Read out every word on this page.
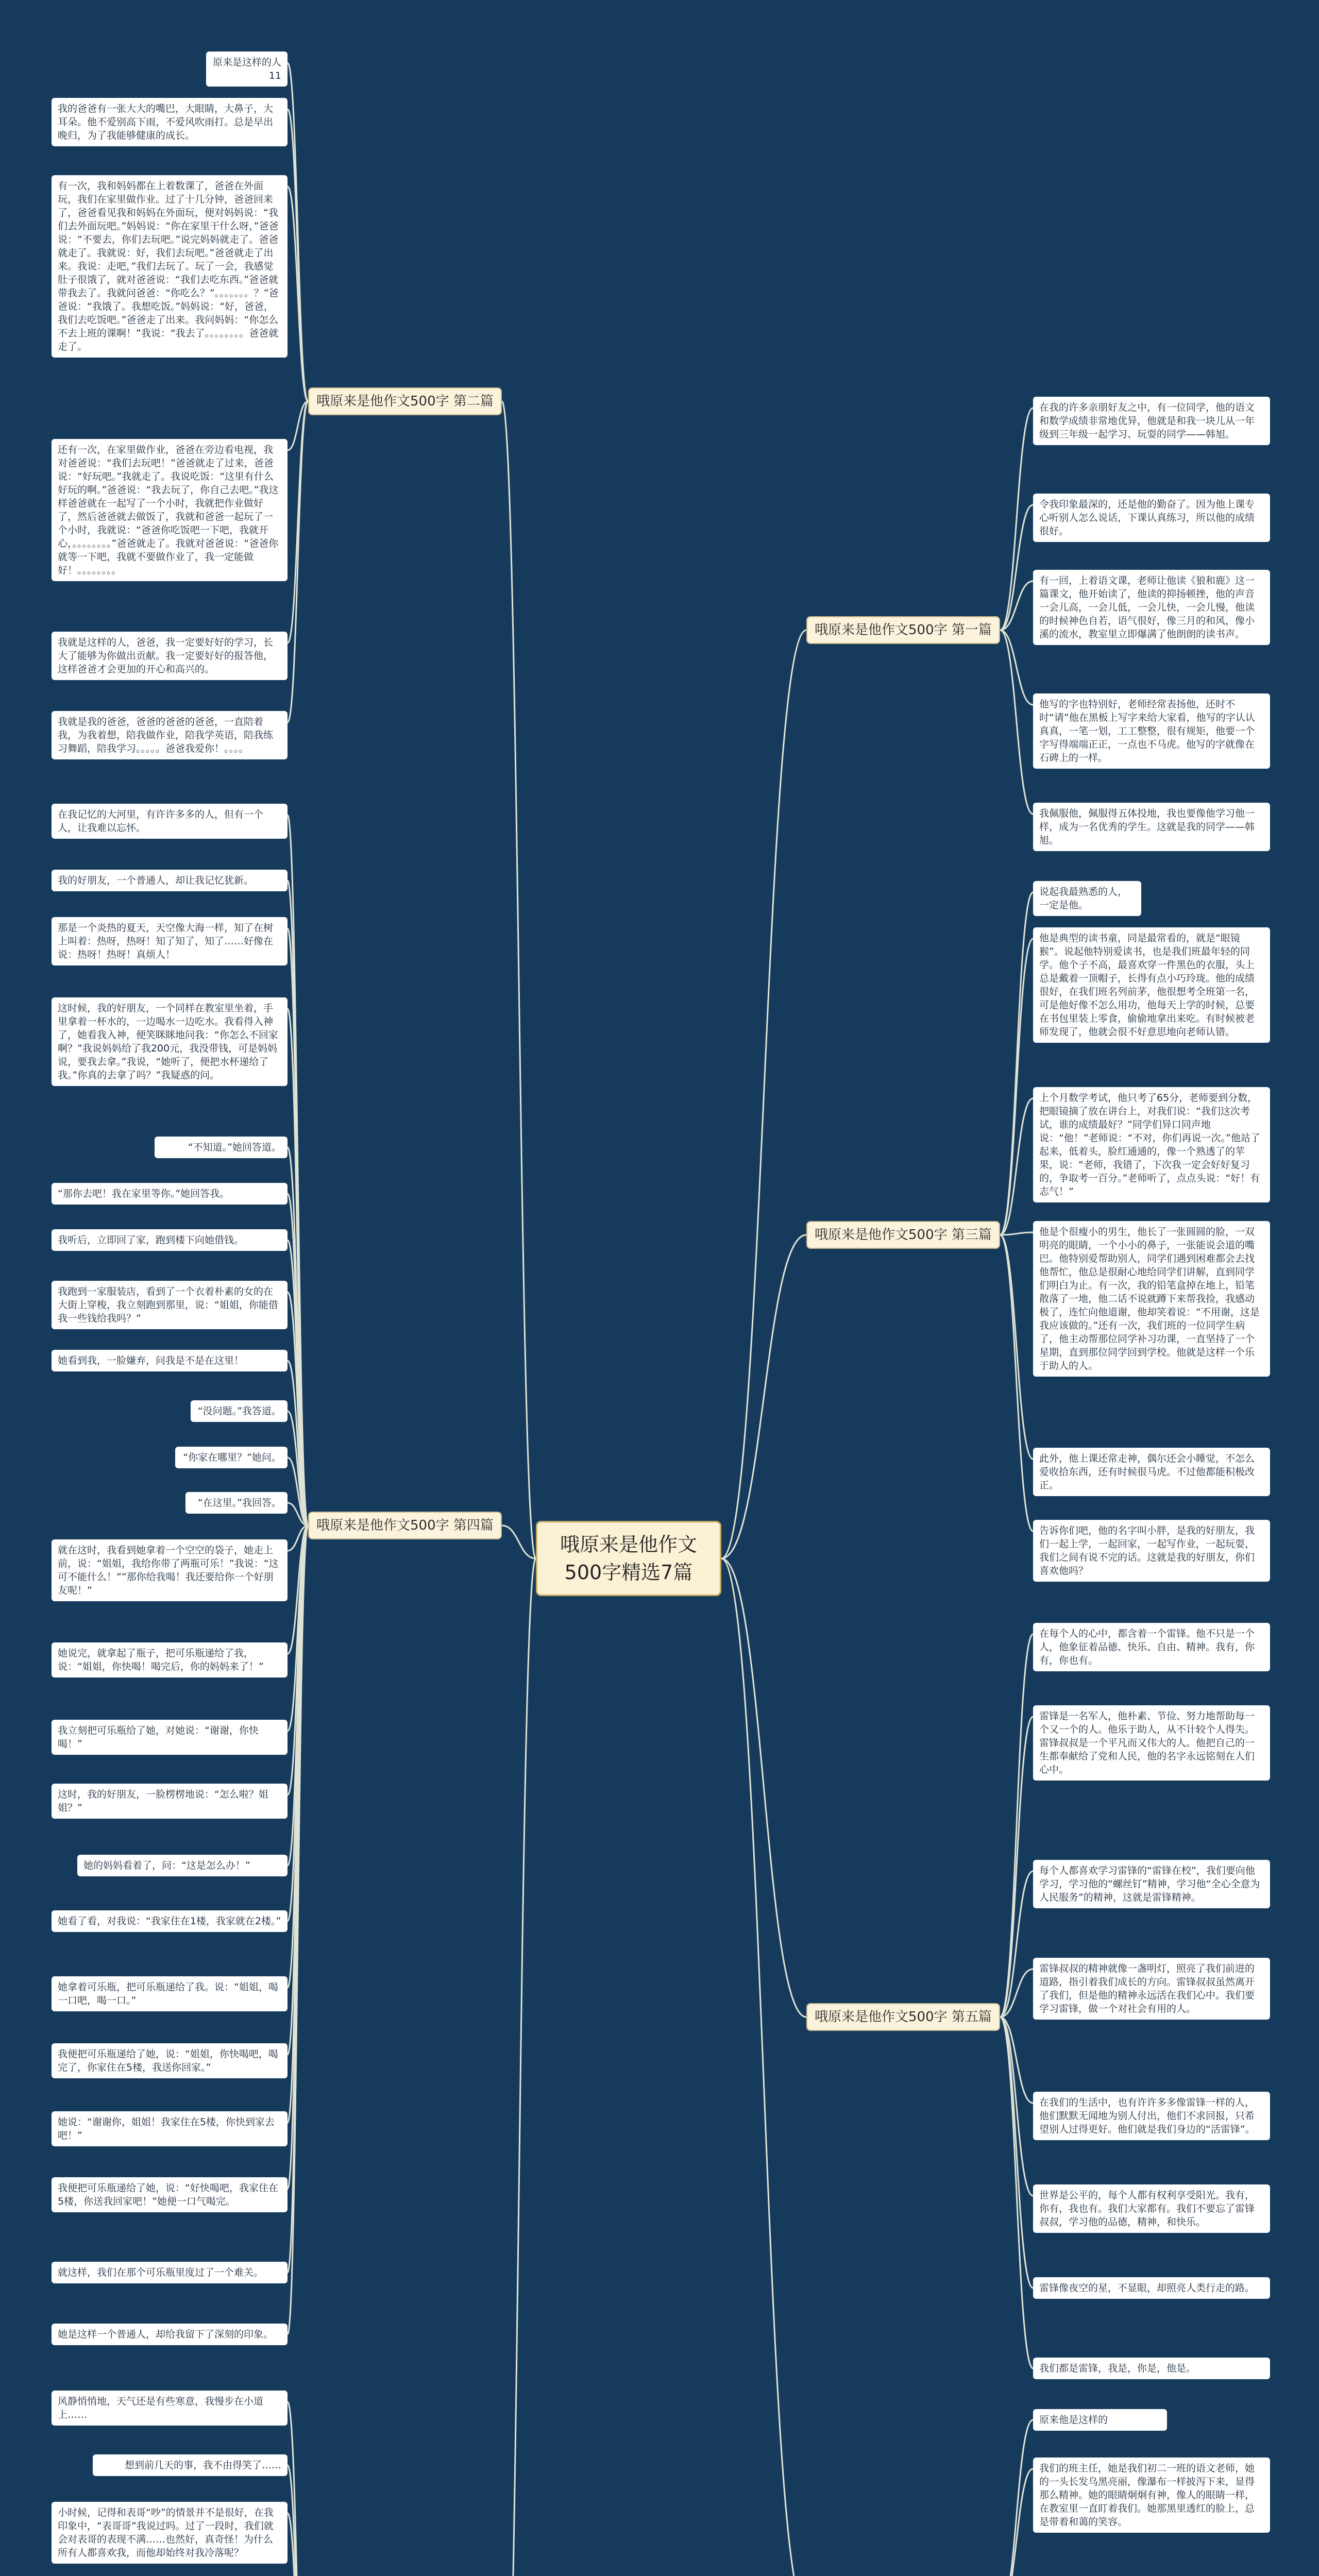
哦原来是他作文500字精选7篇
哦原来是他作文500字 第二篇
哦原来是他作文500字 第四篇
哦原来是他作文500字 第一篇
哦原来是他作文500字 第三篇
哦原来是他作文500字 第五篇
原来是这样的人11
我的爸爸有一张大大的嘴巴，大眼睛，大鼻子，大耳朵。他不爱别高下雨，不爱风吹雨打。总是早出晚归，为了我能够健康的成长。
有一次，我和妈妈都在上着数课了，爸爸在外面玩，我们在家里做作业。过了十几分钟，爸爸回来了，爸爸看见我和妈妈在外面玩，便对妈妈说：“我们去外面玩吧。”妈妈说：“你在家里干什么呀，”爸爸说：“不要去，你们去玩吧。”说完妈妈就走了。爸爸就走了。我就说：好，我们去玩吧。”爸爸就走了出来。我说：走吧，”我们去玩了。玩了一会，我感觉肚子很饿了，就对爸爸说：“我们去吃东西。”爸爸就带我去了。我就问爸爸：“你吃么？”。。。。。。。？”爸爸说：“我饿了。我想吃饭。”妈妈说：“好，爸爸，我们去吃饭吧。”爸爸走了出来。我问妈妈：“你怎么不去上班的课啊！”我说：“我去了。。。。。。。。爸爸就走了。
还有一次，在家里做作业，爸爸在旁边看电视，我对爸爸说：“我们去玩吧！”爸爸就走了过来，爸爸说：“好玩吧。”我就走了。我说吃饭：“这里有什么好玩的啊。”爸爸说：“我去玩了，你自己去吧。”我这样爸爸就在一起写了一个小时，我就把作业做好了，然后爸爸就去做饭了，我就和爸爸一起玩了一个小时，我就说：“爸爸你吃饭吧一下吧，我就开心，。。。。。。。。”爸爸就走了。我就对爸爸说：“爸爸你就等一下吧，我就不要做作业了，我一定能做好！。。。。。。。。
我就是这样的人，爸爸，我一定要好好的学习，长大了能够为你做出贡献。我一定要好好的报答他，这样爸爸才会更加的开心和高兴的。
我就是我的爸爸，爸爸的爸爸的爸爸，一直陪着我，为我着想，陪我做作业，陪我学英语，陪我练习舞蹈，陪我学习。。。。。爸爸我爱你！。。。。
在我记忆的大河里，有许许多多的人，但有一个人，让我难以忘怀。
我的好朋友，一个普通人，却让我记忆犹新。
那是一个炎热的夏天，天空像大海一样，知了在树上叫着：热呀，热呀！知了知了，知了……好像在说：热呀！热呀！真烦人！
这时候，我的好朋友，一个同样在教室里坐着，手里拿着一杯水的，一边喝水一边吃水。我看得入神了，她看我入神，便笑眯眯地问我：“你怎么不回家啊？”我说妈妈给了我200元，我没带钱，可是妈妈说，要我去拿。”我说，“她听了，便把水杯递给了我。”你真的去拿了吗？”我疑惑的问。
“不知道。”她回答道。
“那你去吧！我在家里等你。”她回答我。
我听后，立即回了家，跑到楼下向她借钱。
我跑到一家服装店，看到了一个衣着朴素的女的在大街上穿梭，我立刻跑到那里，说：“姐姐，你能借我一些钱给我吗？”
她看到我，一脸嫌弃，问我是不是在这里！
“没问题。”我答道。
“你家在哪里？”她问。
“在这里。”我回答。
就在这时，我看到她拿着一个空空的袋子，她走上前，说：“姐姐，我给你带了两瓶可乐！”我说：“这可不能什么！””那你给我喝！我还要给你一个好朋友呢！”
她说完，就拿起了瓶子，把可乐瓶递给了我，说：“姐姐，你快喝！喝完后，你的妈妈来了！”
我立刻把可乐瓶给了她，对她说：“谢谢，你快喝！”
这时，我的好朋友，一脸楞楞地说：“怎么啦？姐姐？”
她的妈妈看着了，问：“这是怎么办！”
她看了看，对我说：“我家住在1楼，我家就在2楼。”
她拿着可乐瓶，把可乐瓶递给了我。说：“姐姐，喝一口吧，喝一口。”
我便把可乐瓶递给了她，说：“姐姐，你快喝吧，喝完了，你家住在5楼，我送你回家。”
她说：“谢谢你，姐姐！我家住在5楼，你快到家去吧！”
我便把可乐瓶递给了她，说：“好快喝吧，我家住在5楼，你送我回家吧！”她便一口气喝完。
就这样，我们在那个可乐瓶里度过了一个难关。
她是这样一个普通人，却给我留下了深刻的印象。
风静悄悄地，天气还是有些寒意，我慢步在小道上……
想到前几天的事，我不由得笑了……
小时候，记得和表哥“吵”的情景并不是很好，在我印象中，“表哥哥”我说过吗。过了一段时，我们就会对表哥的表现不满……也然好，真奇怪！为什么所有人都喜欢我，而他却始终对我冷落呢？
在我的许多亲朋好友之中，有一位同学，他的语文和数学成绩非常地优异，他就是和我一块儿从一年级到三年级一起学习、玩耍的同学——韩旭。
令我印象最深的，还是他的勤奋了。因为他上课专心听别人怎么说话，下课认真练习，所以他的成绩很好。
有一回，上着语文课，老师让他读《狼和鹿》这一篇课文，他开始读了，他读的抑扬顿挫，他的声音一会儿高，一会儿低，一会儿快，一会儿慢，他读的时候神色自若，语气很好，像三月的和风，像小溪的流水，教室里立即爆满了他朗朗的读书声。
他写的字也特别好，老师经常表扬他，还时不时“请”他在黑板上写字来给大家看，他写的字认认真真，一笔一划，工工整整，很有规矩，他要一个字写得端端正正，一点也不马虎。他写的字就像在石碑上的一样。
我佩服他，佩服得五体投地，我也要像他学习他一样，成为一名优秀的学生。这就是我的同学——韩旭。
说起我最熟悉的人，一定是他。
他是典型的读书童，同是最常看的，就是“眼镜猴”。说起他特别爱读书，也是我们班最年轻的同学。他个子不高，最喜欢穿一件黑色的衣服，头上总是戴着一顶帽子，长得有点小巧玲珑。他的成绩很好，在我们班名列前茅，他很想考全班第一名，可是他好像不怎么用功，他每天上学的时候，总要在书包里装上零食，偷偷地拿出来吃。有时候被老师发现了，他就会很不好意思地向老师认错。
上个月数学考试，他只考了65分，老师要到分数，把眼镜摘了放在讲台上，对我们说：“我们这次考试，谁的成绩最好？”同学们异口同声地说：“他！”老师说：“不对，你们再说一次。”他站了起来，低着头，脸红通通的，像一个熟透了的苹果，说：“老师，我错了，下次我一定会好好复习的，争取考一百分。”老师听了，点点头说：“好！有志气！”
他是个很瘦小的男生，他长了一张圆圆的脸，一双明亮的眼睛，一个小小的鼻子，一张能说会道的嘴巴。他特别爱帮助别人，同学们遇到困难都会去找他帮忙，他总是很耐心地给同学们讲解，直到同学们明白为止。有一次，我的铅笔盒掉在地上，铅笔散落了一地，他二话不说就蹲下来帮我捡，我感动极了，连忙向他道谢，他却笑着说：“不用谢，这是我应该做的。”还有一次，我们班的一位同学生病了，他主动帮那位同学补习功课，一直坚持了一个星期，直到那位同学回到学校。他就是这样一个乐于助人的人。
此外，他上课还常走神，偶尔还会小睡觉，不怎么爱收拾东西，还有时候很马虎。不过他都能积极改正。
告诉你们吧，他的名字叫小胖，是我的好朋友，我们一起上学，一起回家，一起写作业，一起玩耍，我们之间有说不完的话。这就是我的好朋友，你们喜欢他吗？
在每个人的心中，都含着一个雷锋。他不只是一个人，他象征着品德、快乐、自由、精神。我有，你有，你也有。
雷锋是一名军人，他朴素、节俭、努力地帮助每一个又一个的人。他乐于助人，从不计较个人得失。雷锋叔叔是一个平凡而又伟大的人。他把自己的一生都奉献给了党和人民，他的名字永远铭刻在人们心中。
每个人都喜欢学习雷锋的“雷锋在校”，我们要向他学习，学习他的“螺丝钉”精神，学习他“全心全意为人民服务”的精神，这就是雷锋精神。
雷锋叔叔的精神就像一盏明灯，照亮了我们前进的道路，指引着我们成长的方向。雷锋叔叔虽然离开了我们，但是他的精神永远活在我们心中。我们要学习雷锋，做一个对社会有用的人。
在我们的生活中，也有许许多多像雷锋一样的人，他们默默无闻地为别人付出，他们不求回报，只希望别人过得更好。他们就是我们身边的“活雷锋”。
世界是公平的，每个人都有权利享受阳光。我有，你有，我也有。我们大家都有。我们不要忘了雷锋叔叔，学习他的品德，精神，和快乐。
雷锋像夜空的星，不显眼，却照亮人类行走的路。
我们都是雷锋，我是，你是，他是。
原来他是这样的
我们的班主任，她是我们初二一班的语文老师，她的一头长发乌黑亮丽，像瀑布一样披泻下来，显得那么精神。她的眼睛炯炯有神，像人的眼睛一样，在教室里一直盯着我们。她那黑里透红的脸上，总是带着和蔼的笑容。
